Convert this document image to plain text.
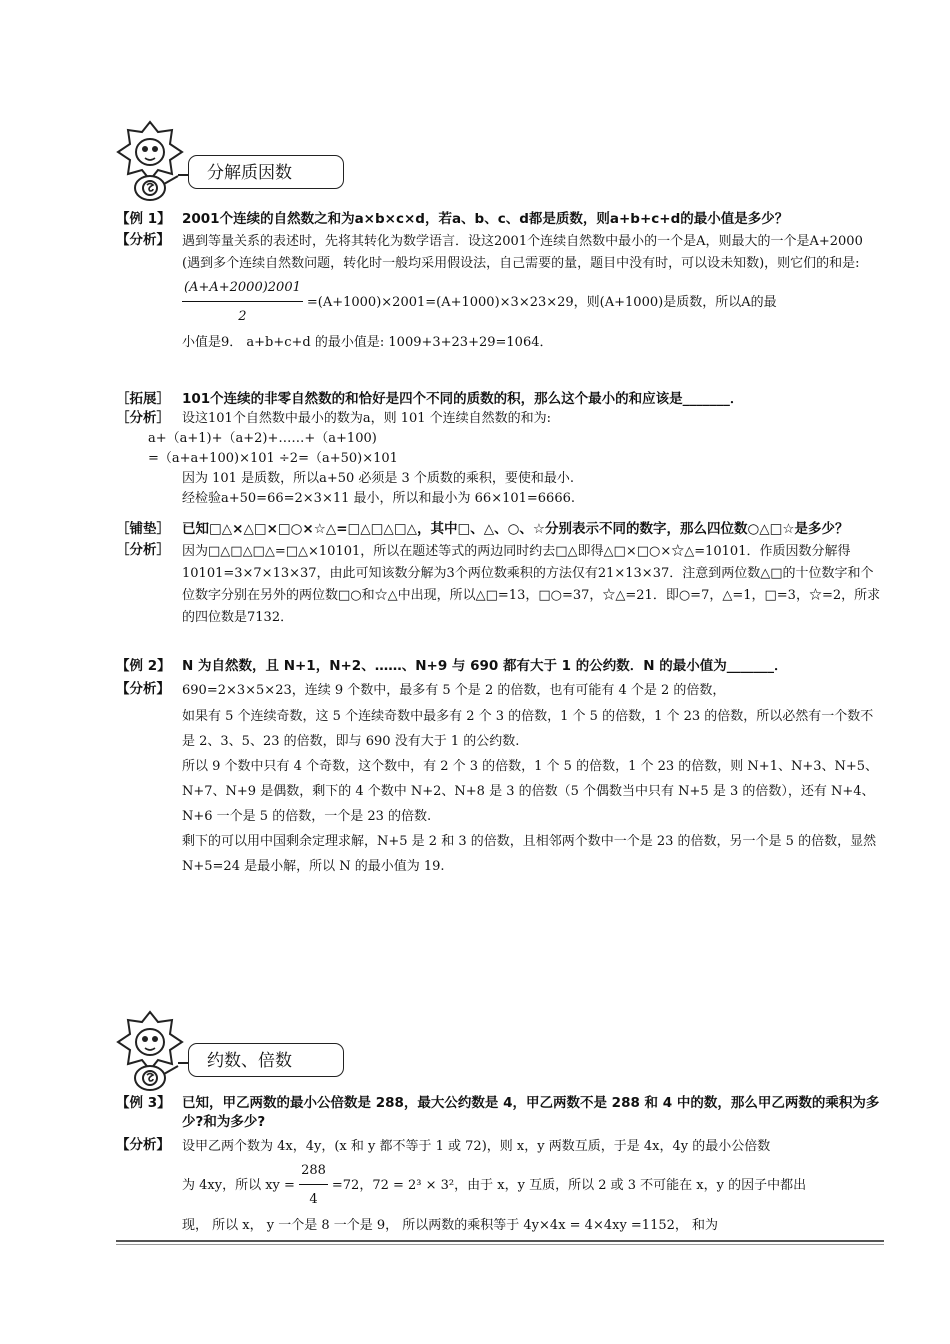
分解质因数
【例 1】 2001个连续的自然数之和为a×b×c×d，若a、b、c、d都是质数，则a+b+c+d的最小值是多少？
【分析】 遇到等量关系的表述时，先将其转化为数学语言．设这2001个连续自然数中最小的一个是A，则最大的一个是A+2000 (遇到多个连续自然数问题，转化时一般均采用假设法，自己需要的量，题目中没有时，可以设未知数)，则它们的和是:
$\frac{(A+A+2000)2001}{2} =(A+1000)\times 2001=(A+1000)\times 3\times 23\times 29$，则(A+1000)是质数，所以A的最
小值是9． a+b+c+d 的最小值是: 1009+3+23+29=1064．
［拓展］ 101个连续的非零自然数的和恰好是四个不同的质数的积，那么这个最小的和应该是_______．
［分析］ 设这101个自然数中最小的数为a，则 101 个连续自然数的和为:
a+（a+1)+（a+2)+……+（a+100)
=（a+a+100)×101 ÷2=（a+50)×101
因为 101 是质数，所以a+50 必须是 3 个质数的乘积，要使和最小.
经检验a+50=66=2×3×11 最小，所以和最小为 66×101=6666.
［铺垫］ 已知□△×△□×□○×☆△=□△□△□△，其中□、△、○、☆分别表示不同的数字，那么四位数○△□☆是多少？
［分析］ 因为□△□△□△=□△×10101，所以在题述等式的两边同时约去□△即得△□×□○×☆△=10101．作质因数分解得10101=3×7×13×37，由此可知该数分解为3个两位数乘积的方法仅有21×13×37．注意到两位数△□的十位数字和个位数字分别在另外的两位数□○和☆△中出现，所以△□=13，□○=37，☆△=21．即○=7，△=1，□=3，☆=2，所求的四位数是7132．
【例 2】 N 为自然数，且 N+1，N+2、……、N+9 与 690 都有大于 1 的公约数．N 的最小值为_______．
【分析】 690=2×3×5×23，连续 9 个数中，最多有 5 个是 2 的倍数，也有可能有 4 个是 2 的倍数，
如果有 5 个连续奇数，这 5 个连续奇数中最多有 2 个 3 的倍数，1 个 5 的倍数，1 个 23 的倍数，所以必然有一个数不是 2、3、5、23 的倍数，即与 690 没有大于 1 的公约数.
所以 9 个数中只有 4 个奇数，这个数中，有 2 个 3 的倍数，1 个 5 的倍数，1 个 23 的倍数，则 N+1、N+3、N+5、N+7、N+9 是偶数，剩下的 4 个数中 N+2、N+8 是 3 的倍数（5 个偶数当中只有 N+5 是 3 的倍数），还有 N+4、 N+6 一个是 5 的倍数，一个是 23 的倍数.
剩下的可以用中国剩余定理求解，N+5 是 2 和 3 的倍数，且相邻两个数中一个是 23 的倍数，另一个是 5 的倍数，显然 N+5=24 是最小解，所以 N 的最小值为 19.
约数、倍数
【例 3】 已知，甲乙两数的最小公倍数是 288，最大公约数是 4，甲乙两数不是 288 和 4 中的数，那么甲乙两数的乘积为多少?和为多少?
【分析】 设甲乙两个数为 4x，4y，(x 和 y 都不等于 1 或 72)，则 x，y 两数互质，于是 4x，4y 的最小公倍数
为 4xy，所以 xy = $\frac{288}{4} =72$，72 = 2³ × 3²，由于 x，y 互质，所以 2 或 3 不可能在 x，y 的因子中都出
现， 所以 x， y 一个是 8 一个是 9， 所以两数的乘积等于 4y×4x = 4×4xy =1152， 和为
